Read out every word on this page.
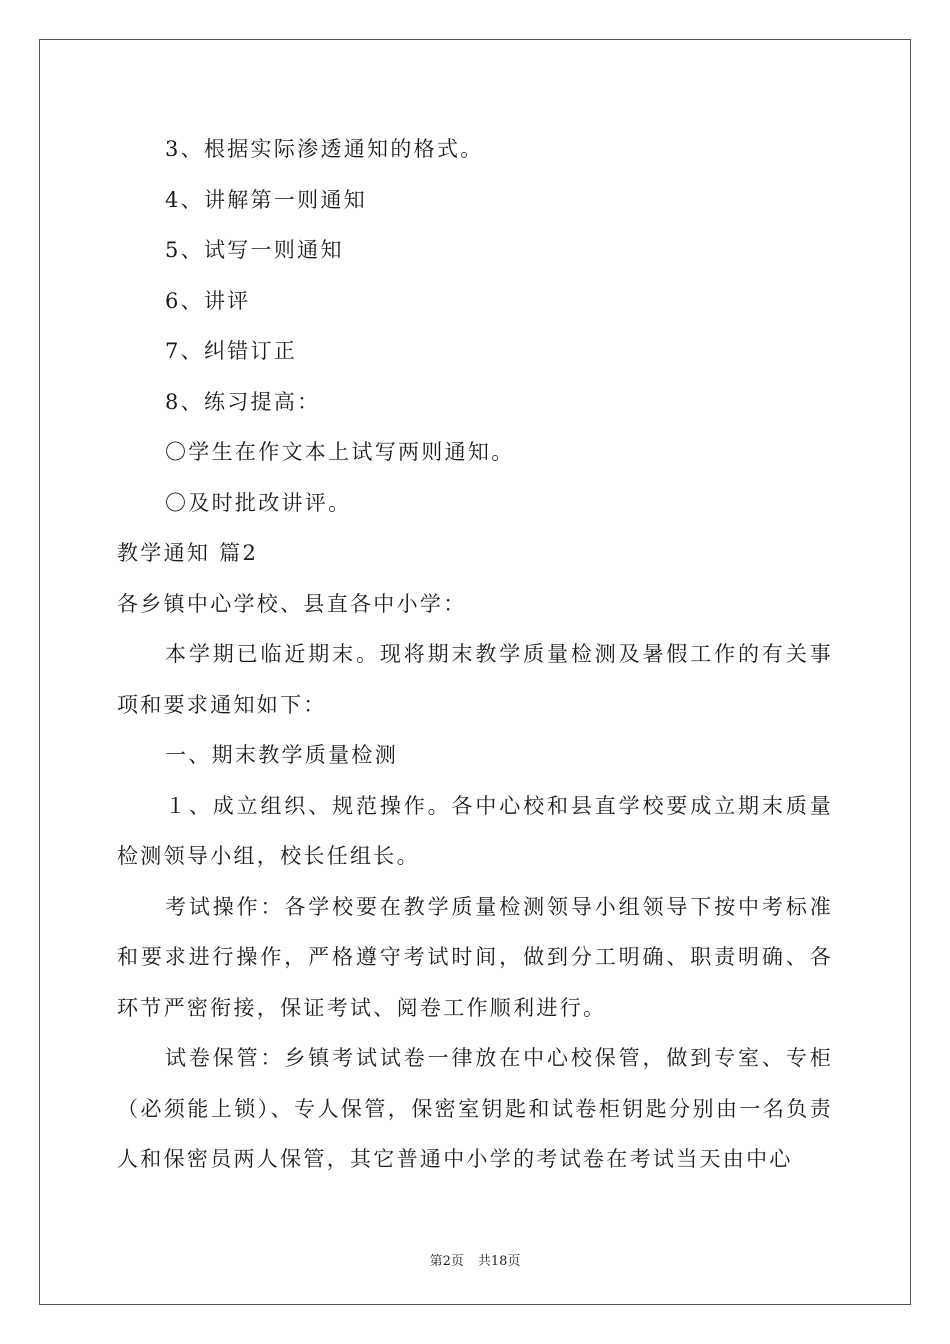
3、根据实际渗透通知的格式。

4、讲解第一则通知

5、试写一则通知

6、讲评

7、纠错订正

8、练习提高：

〇学生在作文本上试写两则通知。

〇及时批改讲评。

教学通知 篇2

各乡镇中心学校、县直各中小学：

本学期已临近期末。现将期末教学质量检测及暑假工作的有关事项和要求通知如下：

一、期末教学质量检测

１、成立组织、规范操作。各中心校和县直学校要成立期末质量检测领导小组，校长任组长。

考试操作：各学校要在教学质量检测领导小组领导下按中考标准和要求进行操作，严格遵守考试时间，做到分工明确、职责明确、各环节严密衔接，保证考试、阅卷工作顺利进行。

试卷保管：乡镇考试试卷一律放在中心校保管，做到专室、专柜（必须能上锁）、专人保管，保密室钥匙和试卷柜钥匙分别由一名负责人和保密员两人保管，其它普通中小学的考试卷在考试当天由中心

第2页 共18页
